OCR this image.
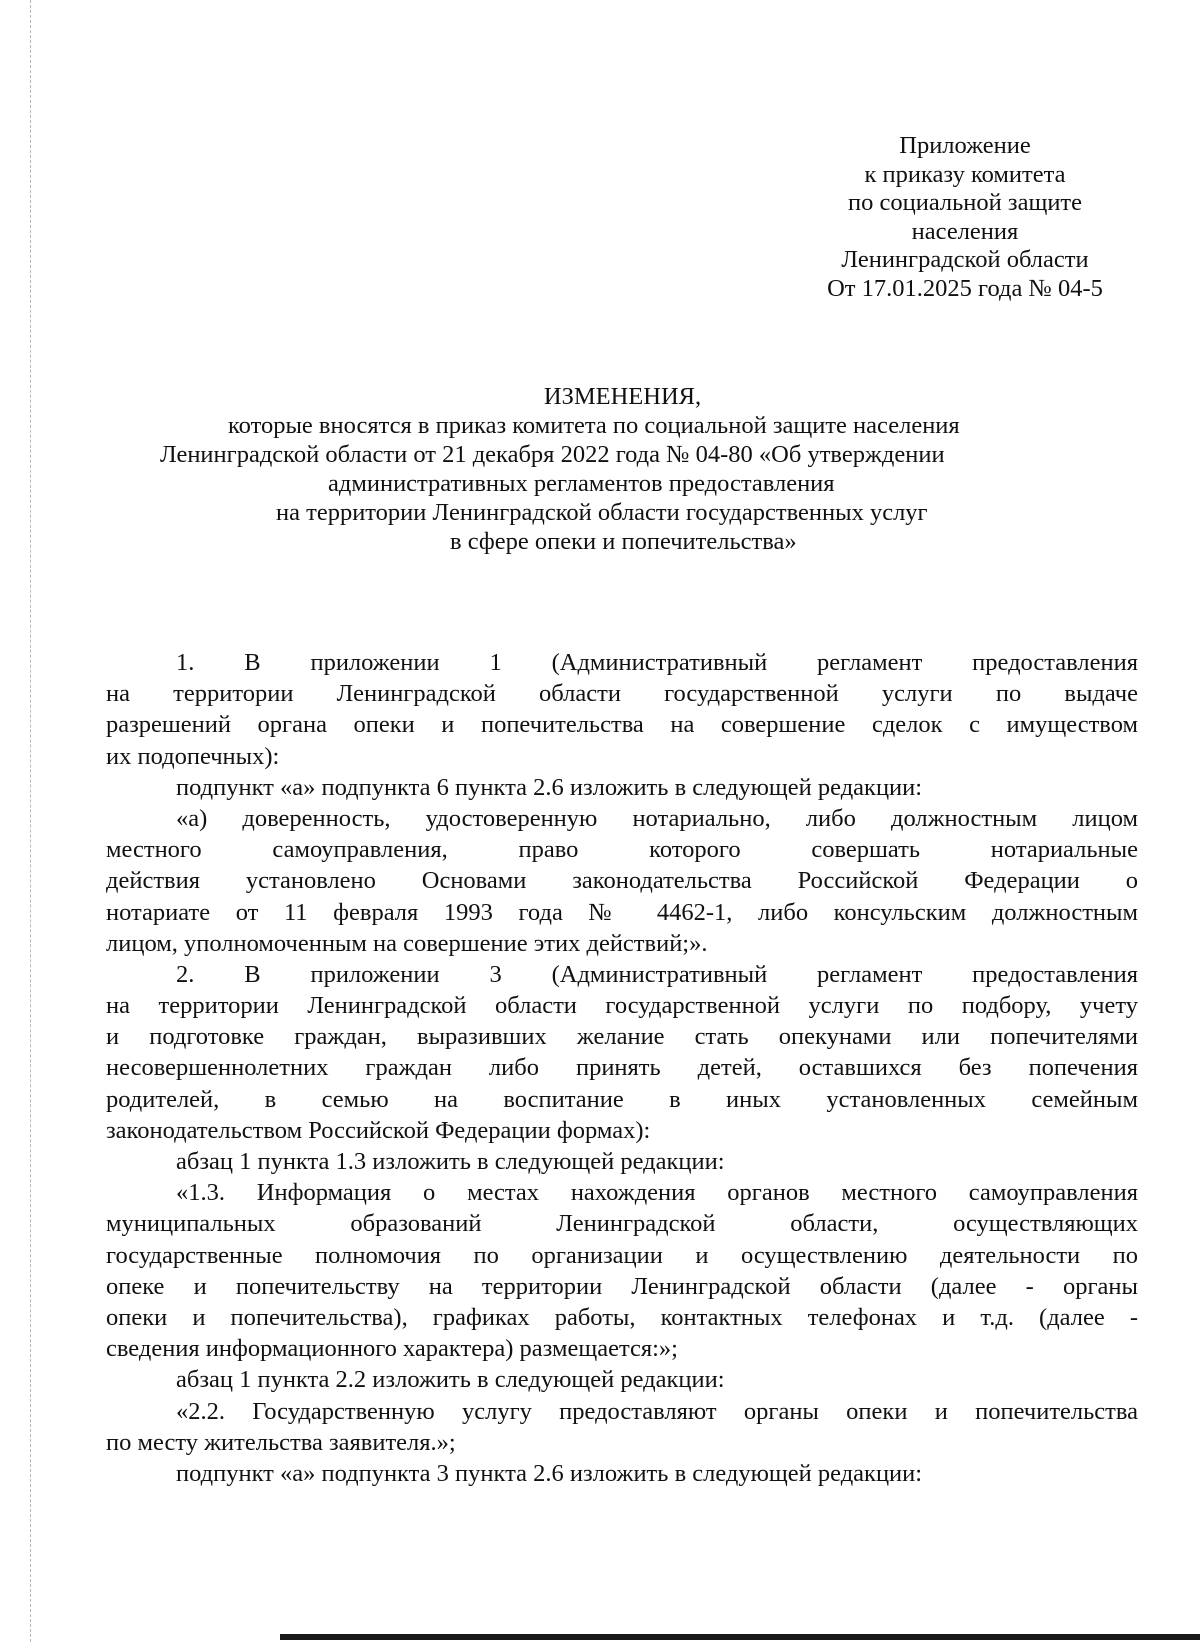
Приложение
к приказу комитета
по социальной защите
населения
Ленинградской области
От 17.01.2025 года № 04-5
ИЗМЕНЕНИЯ,
которые вносятся в приказ комитета по социальной защите населения
Ленинградской области от 21 декабря 2022 года № 04-80 «Об утверждении
административных регламентов предоставления
на территории Ленинградской области государственных услуг
в сфере опеки и попечительства»
1. В приложении 1 (Административный регламент предоставления
на территории Ленинградской области государственной услуги по выдаче
разрешений органа опеки и попечительства на совершение сделок с имуществом
их подопечных):
подпункт «а» подпункта 6 пункта 2.6 изложить в следующей редакции:
«а) доверенность, удостоверенную нотариально, либо должностным лицом
местного самоуправления, право которого совершать нотариальные
действия установлено Основами законодательства Российской Федерации о
нотариате от 11 февраля 1993 года № 4462-1, либо консульским должностным
лицом, уполномоченным на совершение этих действий;».
2. В приложении 3 (Административный регламент предоставления
на территории Ленинградской области государственной услуги по подбору, учету
и подготовке граждан, выразивших желание стать опекунами или попечителями
несовершеннолетних граждан либо принять детей, оставшихся без попечения
родителей, в семью на воспитание в иных установленных семейным
законодательством Российской Федерации формах):
абзац 1 пункта 1.3 изложить в следующей редакции:
«1.3. Информация о местах нахождения органов местного самоуправления
муниципальных образований Ленинградской области, осуществляющих
государственные полномочия по организации и осуществлению деятельности по
опеке и попечительству на территории Ленинградской области (далее - органы
опеки и попечительства), графиках работы, контактных телефонах и т.д. (далее -
сведения информационного характера) размещается:»;
абзац 1 пункта 2.2 изложить в следующей редакции:
«2.2. Государственную услугу предоставляют органы опеки и попечительства
по месту жительства заявителя.»;
подпункт «а» подпункта 3 пункта 2.6 изложить в следующей редакции:
